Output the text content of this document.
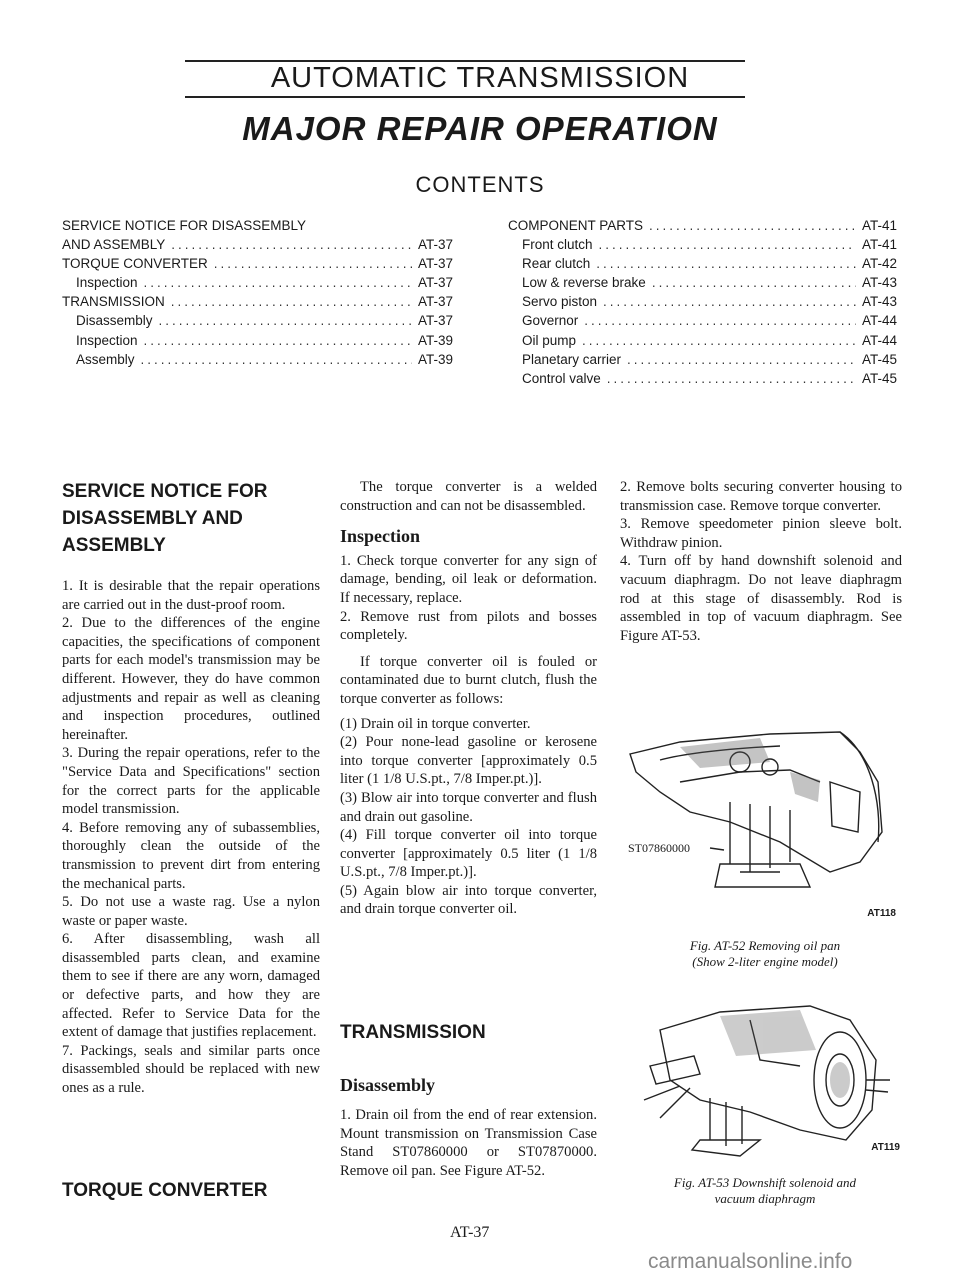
AUTOMATIC TRANSMISSION
MAJOR REPAIR OPERATION
CONTENTS
SERVICE NOTICE FOR DISASSEMBLY
AND ASSEMBLY .....	AT-37
TORQUE CONVERTER .....	AT-37
Inspection .....	AT-37
TRANSMISSION .....	AT-37
Disassembly .....	AT-37
Inspection .....	AT-39
Assembly .....	AT-39
COMPONENT PARTS .....	AT-41
Front clutch .....	AT-41
Rear clutch .....	AT-42
Low & reverse brake .....	AT-43
Servo piston .....	AT-43
Governor .....	AT-44
Oil pump .....	AT-44
Planetary carrier .....	AT-45
Control valve .....	AT-45
SERVICE NOTICE FOR
DISASSEMBLY AND
ASSEMBLY

1. It is desirable that the repair operations are carried out in the dust-proof room.

2. Due to the differences of the engine capacities, the specifications of component parts for each model's transmission may be different. However, they do have common adjustments and repair as well as cleaning and inspection procedures, outlined hereinafter.

3. During the repair operations, refer to the "Service Data and Specifications" section for the correct parts for the applicable model transmission.

4. Before removing any of subassemblies, thoroughly clean the outside of the transmission to prevent dirt from entering the mechanical parts.

5. Do not use a waste rag. Use a nylon waste or paper waste.

6. After disassembling, wash all disassembled parts clean, and examine them to see if there are any worn, damaged or defective parts, and how they are affected. Refer to Service Data for the extent of damage that justifies replacement.

7. Packings, seals and similar parts once disassembled should be replaced with new ones as a rule.

TORQUE CONVERTER

The torque converter is a welded construction and can not be disassembled.

Inspection

1. Check torque converter for any sign of damage, bending, oil leak or deformation. If necessary, replace.

2. Remove rust from pilots and bosses completely.

If torque converter oil is fouled or contaminated due to burnt clutch, flush the torque converter as follows:

(1) Drain oil in torque converter.

(2) Pour none-lead gasoline or kerosene into torque converter [approximately 0.5 liter (1 1/8 U.S.pt., 7/8 Imper.pt.)].

(3) Blow air into torque converter and flush and drain out gasoline.

(4) Fill torque converter oil into torque converter [approximately 0.5 liter (1 1/8 U.S.pt., 7/8 Imper.pt.)].

(5) Again blow air into torque converter, and drain torque converter oil.

TRANSMISSION
Disassembly

1. Drain oil from the end of rear extension. Mount transmission on Transmission Case Stand ST07860000 or ST07870000. Remove oil pan. See Figure AT-52.

2. Remove bolts securing converter housing to transmission case. Remove torque converter.

3. Remove speedometer pinion sleeve bolt. Withdraw pinion.

4. Turn off by hand downshift solenoid and vacuum diaphragm. Do not leave diaphragm rod at this stage of disassembly. Rod is assembled in top of vacuum diaphragm. See Figure AT-53.

ST07860000
AT118
Fig. AT-52 Removing oil pan
(Show 2-liter engine model)
AT119
Fig. AT-53 Downshift solenoid and
vacuum diaphragm
AT-37
carmanualsonline.info
